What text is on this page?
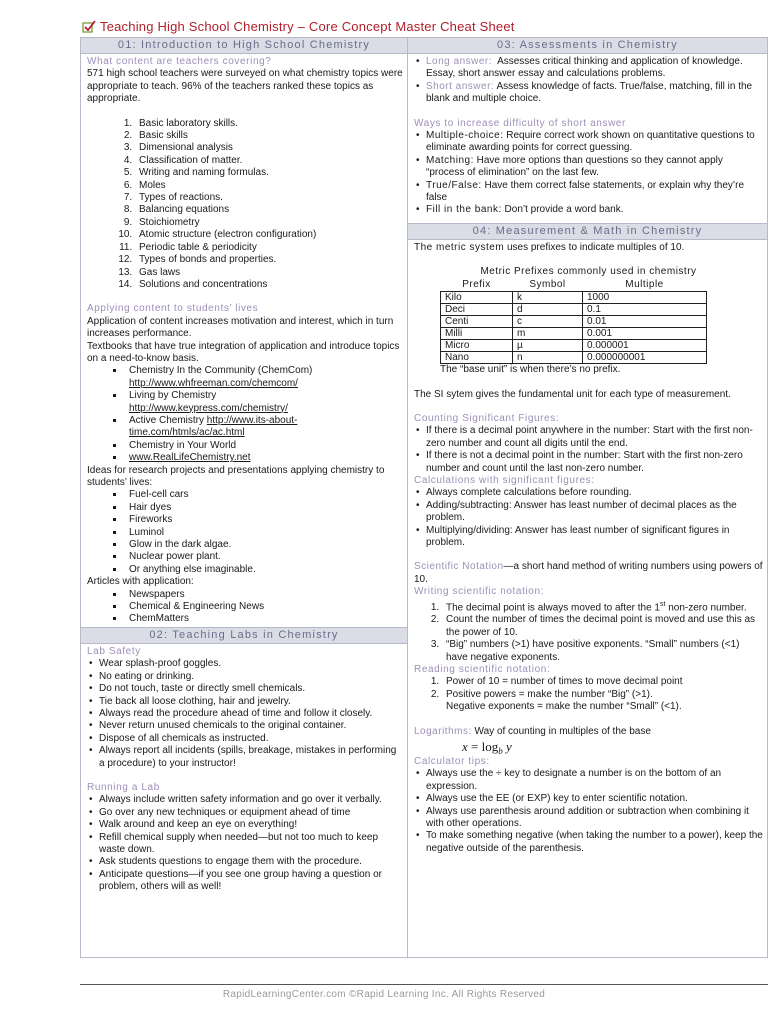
Teaching High School Chemistry – Core Concept Master Cheat Sheet
01: Introduction to High School Chemistry
What content are teachers covering?

571 high school teachers were surveyed on what chemistry topics were appropriate to teach. 96% of the teachers ranked these topics as appropriate.

1. Basic laboratory skills.
2. Basic skills
3. Dimensional analysis
4. Classification of matter.
5. Writing and naming formulas.
6. Moles
7. Types of reactions.
8. Balancing equations
9. Stoichiometry
10. Atomic structure (electron configuration)
11. Periodic table & periodicity
12. Types of bonds and properties.
13. Gas laws
14. Solutions and concentrations
Applying content to students’ lives

Application of content increases motivation and interest, which in turn increases performance.

Textbooks that have true integration of application and introduce topics on a need-to-know basis.

▪ Chemistry In the Community (ChemCom)
http://www.whfreeman.com/chemcom/
▪ Living by Chemistry
http://www.keypress.com/chemistry/
▪ Active Chemistry http://www.its-about-time.com/htmls/ac/ac.html
▪ Chemistry in Your World
▪ www.RealLifeChemistry.net

Ideas for research projects and presentations applying chemistry to students’ lives:

▪ Fuel-cell cars
▪ Hair dyes
▪ Fireworks
▪ Luminol
▪ Glow in the dark algae.
▪ Nuclear power plant.
▪ Or anything else imaginable.

Articles with application:

▪ Newspapers
▪ Chemical & Engineering News
▪ ChemMatters
02: Teaching Labs in Chemistry
Lab Safety
• Wear splash-proof goggles.
• No eating or drinking.
• Do not touch, taste or directly smell chemicals.
• Tie back all loose clothing, hair and jewelry.
• Always read the procedure ahead of time and follow it closely.
• Never return unused chemicals to the original container.
• Dispose of all chemicals as instructed.
• Always report all incidents (spills, breakage, mistakes in performing a procedure) to your instructor!
Running a Lab
• Always include written safety information and go over it verbally.
• Go over any new techniques or equipment ahead of time
• Walk around and keep an eye on everything!
• Refill chemical supply when needed—but not too much to keep waste down.
• Ask students questions to engage them with the procedure.
• Anticipate questions—if you see one group having a question or problem, others will as well!
03: Assessments in Chemistry
• Long answer: Assesses critical thinking and application of knowledge. Essay, short answer essay and calculations problems.
• Short answer: Assess knowledge of facts. True/false, matching, fill in the blank and multiple choice.
Ways to increase difficulty of short answer
• Multiple-choice: Require correct work shown on quantitative questions to eliminate awarding points for correct guessing.
• Matching: Have more options than questions so they cannot apply “process of elimination” on the last few.
• True/False: Have them correct false statements, or explain why they’re false
• Fill in the bank: Don’t provide a word bank.
04: Measurement & Math in Chemistry

The metric system uses prefixes to indicate multiples of 10.

Metric Prefixes commonly used in chemistry
Prefix	Symbol	Multiple
Kilo	k	1000
Deci	d	0.1
Centi	c	0.01
Milli	m	0.001
Micro	µ	0.000001
Nano	n	0.000000001
The “base unit” is when there’s no prefix.

The SI sytem gives the fundamental unit for each type of measurement.

Counting Significant Figures:
• If there is a decimal point anywhere in the number: Start with the first non-zero number and count all digits until the end.
• If there is not a decimal point in the number: Start with the first non-zero number and count until the last non-zero number.
Calculations with significant figures:
• Always complete calculations before rounding.
• Adding/subtracting: Answer has least number of decimal places as the problem.
• Multiplying/dividing: Answer has least number of significant figures in problem.

Scientific Notation—a short hand method of writing numbers using powers of 10.

Writing scientific notation:
1. The decimal point is always moved to after the 1st non-zero number.
2. Count the number of times the decimal point is moved and use this as the power of 10.
3. “Big” numbers (>1) have positive exponents. “Small” numbers (<1) have negative exponents.
Reading scientific notation:
1. Power of 10 = number of times to move decimal point
2. Positive powers = make the number “Big” (>1).
Negative exponents = make the number “Small” (<1).

Logarithms: Way of counting in multiples of the base

$x = \log_b y$
Calculator tips:
• Always use the ÷ key to designate a number is on the bottom of an expression.
• Always use the EE (or EXP) key to enter scientific notation.
• Always use parenthesis around addition or subtraction when combining it with other operations.
• To make something negative (when taking the number to a power), keep the negative outside of the parenthesis.
RapidLearningCenter.com ©Rapid Learning Inc. All Rights Reserved
